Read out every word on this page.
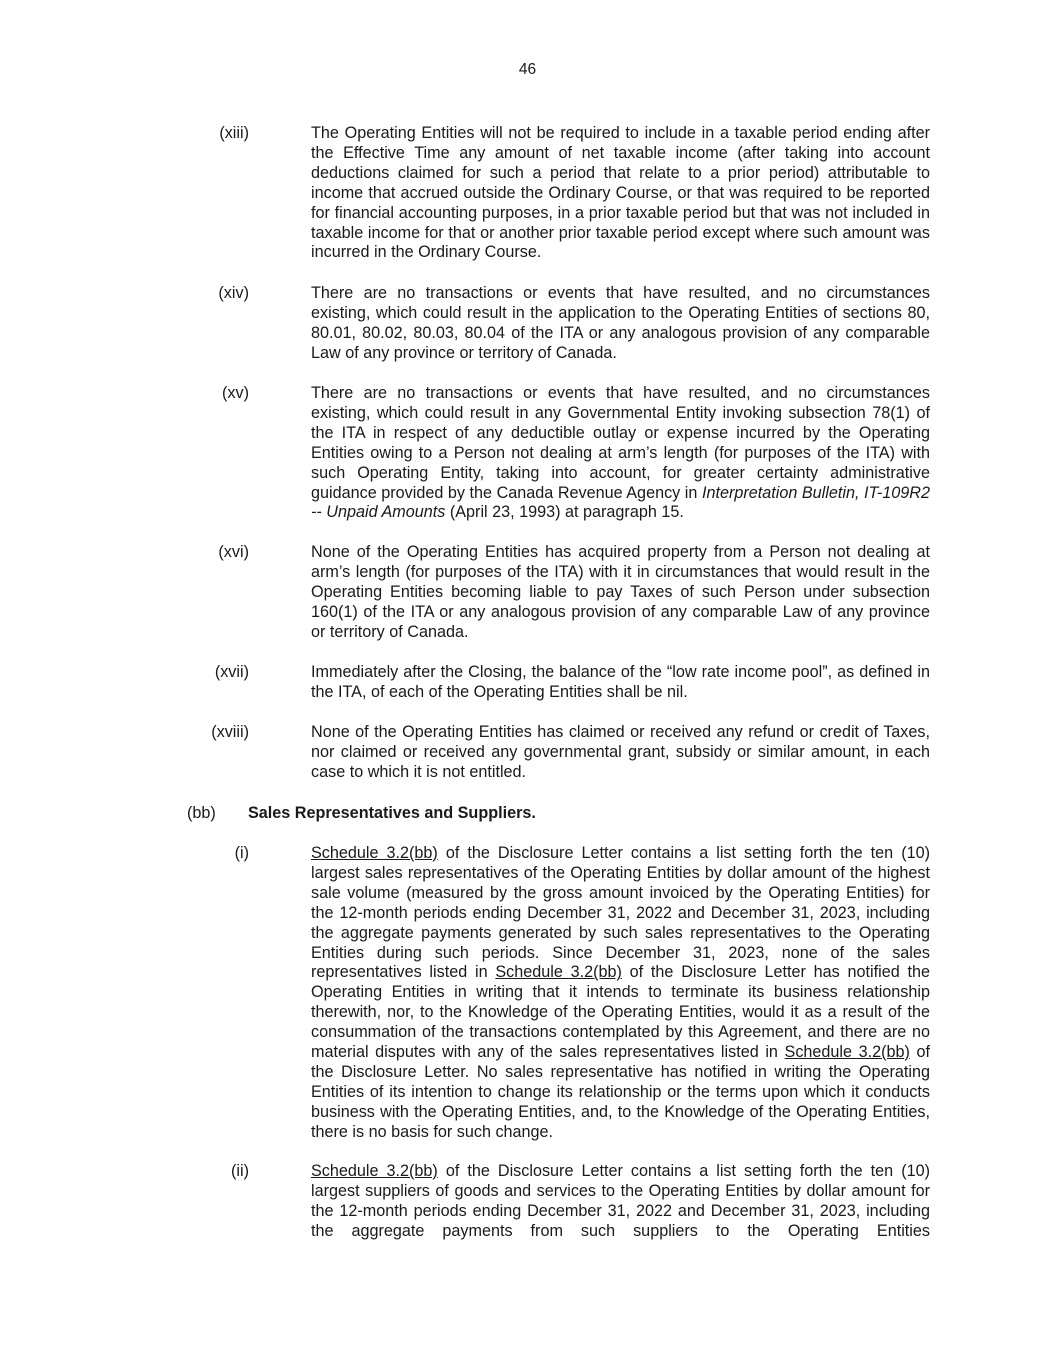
46
(xiii)	The Operating Entities will not be required to include in a taxable period ending after the Effective Time any amount of net taxable income (after taking into account deductions claimed for such a period that relate to a prior period) attributable to income that accrued outside the Ordinary Course, or that was required to be reported for financial accounting purposes, in a prior taxable period but that was not included in taxable income for that or another prior taxable period except where such amount was incurred in the Ordinary Course.
(xiv)	There are no transactions or events that have resulted, and no circumstances existing, which could result in the application to the Operating Entities of sections 80, 80.01, 80.02, 80.03, 80.04 of the ITA or any analogous provision of any comparable Law of any province or territory of Canada.
(xv)	There are no transactions or events that have resulted, and no circumstances existing, which could result in any Governmental Entity invoking subsection 78(1) of the ITA in respect of any deductible outlay or expense incurred by the Operating Entities owing to a Person not dealing at arm’s length (for purposes of the ITA) with such Operating Entity, taking into account, for greater certainty administrative guidance provided by the Canada Revenue Agency in Interpretation Bulletin, IT-109R2 -- Unpaid Amounts (April 23, 1993) at paragraph 15.
(xvi)	None of the Operating Entities has acquired property from a Person not dealing at arm’s length (for purposes of the ITA) with it in circumstances that would result in the Operating Entities becoming liable to pay Taxes of such Person under subsection 160(1) of the ITA or any analogous provision of any comparable Law of any province or territory of Canada.
(xvii)	Immediately after the Closing, the balance of the “low rate income pool”, as defined in the ITA, of each of the Operating Entities shall be nil.
(xviii)	None of the Operating Entities has claimed or received any refund or credit of Taxes, nor claimed or received any governmental grant, subsidy or similar amount, in each case to which it is not entitled.
(bb) Sales Representatives and Suppliers.
(i)	Schedule 3.2(bb) of the Disclosure Letter contains a list setting forth the ten (10) largest sales representatives of the Operating Entities by dollar amount of the highest sale volume (measured by the gross amount invoiced by the Operating Entities) for the 12-month periods ending December 31, 2022 and December 31, 2023, including the aggregate payments generated by such sales representatives to the Operating Entities during such periods. Since December 31, 2023, none of the sales representatives listed in Schedule 3.2(bb) of the Disclosure Letter has notified the Operating Entities in writing that it intends to terminate its business relationship therewith, nor, to the Knowledge of the Operating Entities, would it as a result of the consummation of the transactions contemplated by this Agreement, and there are no material disputes with any of the sales representatives listed in Schedule 3.2(bb) of the Disclosure Letter. No sales representative has notified in writing the Operating Entities of its intention to change its relationship or the terms upon which it conducts business with the Operating Entities, and, to the Knowledge of the Operating Entities, there is no basis for such change.
(ii)	Schedule 3.2(bb) of the Disclosure Letter contains a list setting forth the ten (10) largest suppliers of goods and services to the Operating Entities by dollar amount for the 12-month periods ending December 31, 2022 and December 31, 2023, including the aggregate payments from such suppliers to the Operating Entities
